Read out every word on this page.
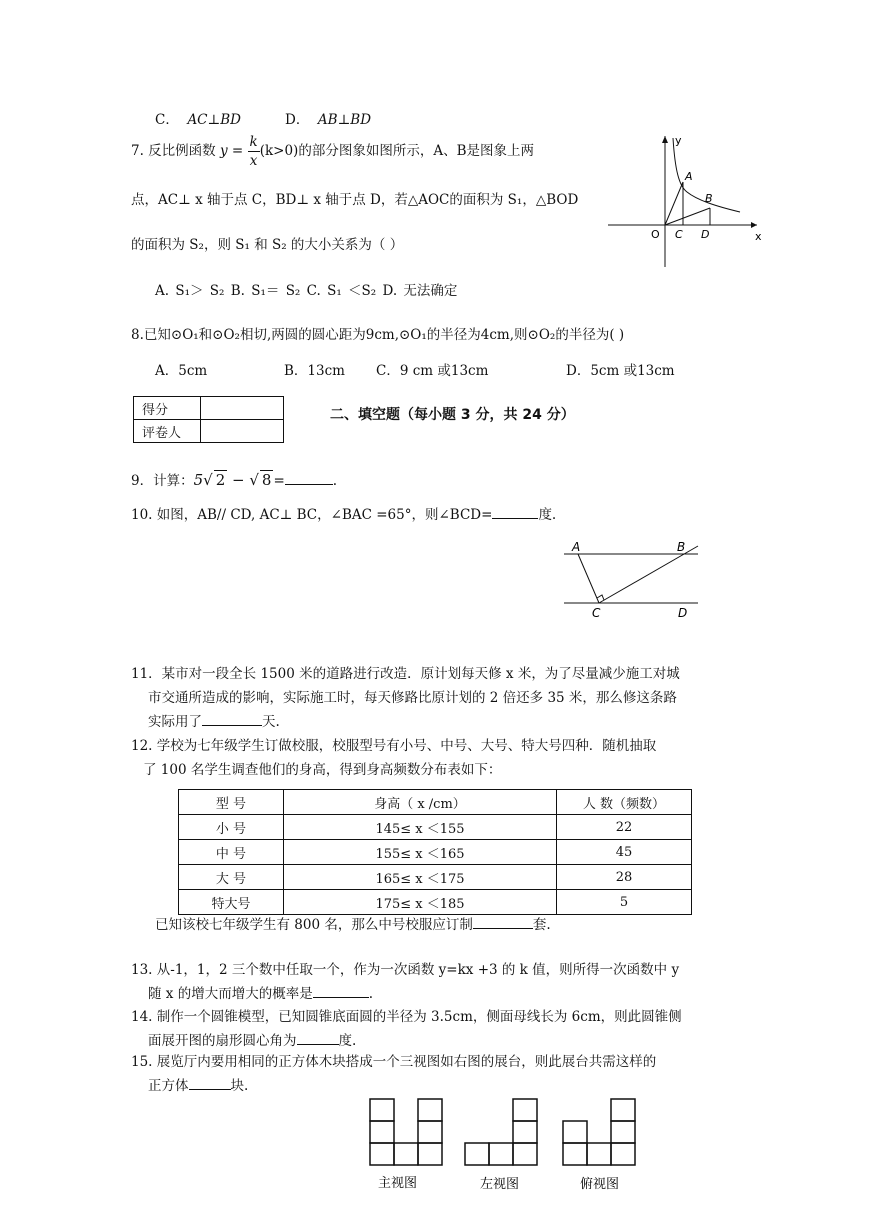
C． AC⊥BD	D． AB⊥BD
7. 反比例函数 $y = \frac{k}{x} (k>0)$的部分图象如图所示，A、B是图象上两
点，AC⊥ x 轴于点 C，BD⊥ x 轴于点 D，若△AOC的面积为 S₁，△BOD
的面积为 S₂，则 S₁ 和 S₂ 的大小关系为（ ）
A. S₁＞ S₂ B. S₁＝ S₂ C. S₁ ＜S₂ D. 无法确定
y
x
O
A
B
C D
8.已知⊙O₁和⊙O₂相切,两圆的圆心距为9cm,⊙O₁的半径为4cm,则⊙O₂的半径为( )
A．5cm	B．13cm C．9 cm 或13cm	D．5cm 或13cm
得分	
评卷人	
二、填空题（每小题 3 分，共 24 分）
9．计算：5√ 2 − √ 8 =	.
10. 如图，AB// CD, AC⊥ BC，∠BAC =65°，则∠BCD=	度.
A	B
C	D
11．某市对一段全长 1500 米的道路进行改造．原计划每天修 x 米，为了尽量减少施工对城
市交通所造成的影响，实际施工时，每天修路比原计划的 2 倍还多 35 米，那么修这条路
实际用了	天.
12. 学校为七年级学生订做校服，校服型号有小号、中号、大号、特大号四种．随机抽取
了 100 名学生调查他们的身高，得到身高频数分布表如下：
型 号	身高（ x /cm）	人 数（频数）
小 号	145≤ x ＜155	22
中 号	155≤ x ＜165	45
大 号	165≤ x ＜175	28
特大号	175≤ x ＜185	5
已知该校七年级学生有 800 名，那么中号校服应订制	套.
13. 从-1，1，2 三个数中任取一个，作为一次函数 y=kx +3 的 k 值，则所得一次函数中 y
随 x 的增大而增大的概率是	.
14. 制作一个圆锥模型，已知圆锥底面圆的半径为 3.5cm，侧面母线长为 6cm，则此圆锥侧
面展开图的扇形圆心角为	度.
15. 展览厅内要用相同的正方体木块搭成一个三视图如右图的展台，则此展台共需这样的
正方体	块.
主视图	左视图	俯视图
